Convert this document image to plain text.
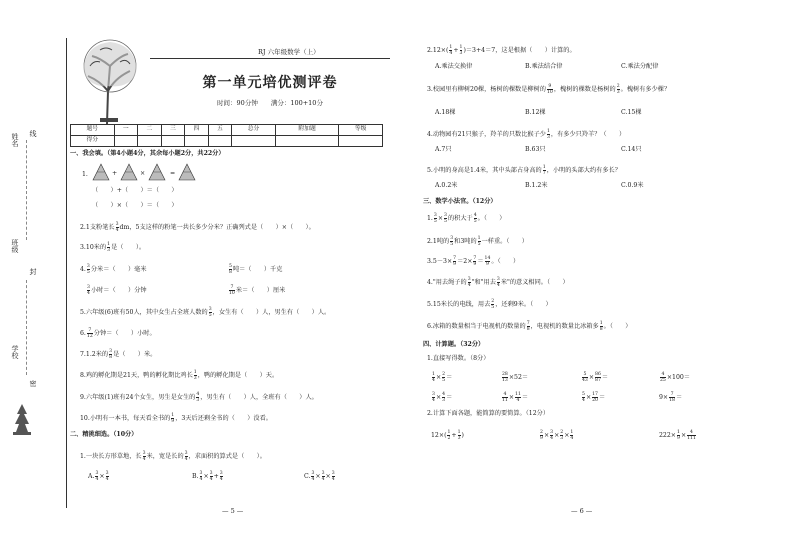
姓名 线
班级
封
学校
密
RJ 六年级数学（上）
第一单元培优测评卷
时间：90分钟　　满分：100+10分
题号	一	二	三	四	五	总分	附加题	等级
得分								
一、我会填。（第4小题4分，其余每小题2分，共22分）
1.	+	×	=
（　　）+（　　）＝（　　）
（　　）×（　　）＝（　　）
2.1支粉笔长 $\frac{3}{4}$ dm，5支这样的粉笔一共长多少分米？正确列式是（　　）×（　　）。
3.10米的 $\frac{1}{3}$ 是（　　）。
4. $\frac{3}{5}$ 分米＝（　　）毫米	$\frac{5}{8}$ 吨＝（　　）千克
$\frac{3}{4}$ 小时＝（　　）分钟	$\frac{7}{10}$ 米＝（　　）厘米
5.六年级(6)班有50人，其中女生占全班人数的 $\frac{3}{5}$ ，女生有（　　）人，男生有（　　）人。
6. $\frac{7}{12}$ 分钟＝（　　）小时。
7.1.2米的 $\frac{3}{8}$ 是（　　）米。
8.鸡的孵化期是21天，鸭的孵化期比鸡长 $\frac{1}{3}$ ，鸭的孵化期是（　　）天。
9.六年级(1)班有24个女生，男生是女生的 $\frac{4}{3}$ ，男生有（　　）人，全班有（　　）人。
10.小明有一本书，每天看全书的 $\frac{1}{9}$ ，3天后还剩全书的（　　）没看。
二、精挑细选。（10分）
1.一块长方形草地，长 $\frac{3}{4}$ 米，宽是长的 $\frac{3}{4}$ ，求面积的算式是（　　）。
A. $\frac{3}{4} \times \frac{3}{4}$	B. $\frac{3}{4} \times \frac{3}{4} + \frac{3}{4}$	C. $\frac{3}{4} \times \frac{3}{4} \times \frac{3}{4}$
— 5 —
$2.12\times( \frac{1}{4} + \frac{1}{3} )=3+4=7$，这是根据（　　）计算的。
A.乘法交换律	B.乘法结合律	C.乘法分配律
3.校园里有柳树20棵，杨树的棵数是柳树的 $\frac{9}{10}$ ，槐树的棵数是杨树的 $\frac{2}{3}$ 。槐树有多少棵？
A.18棵	B.12棵	C.15棵
4.动物园有21只猴子，羚羊的只数比猴子少 $\frac{1}{3}$ ，有多少只羚羊？（　　）
A.7只	B.63只	C.14只
5.小明的身高是1.4米，其中头部占身高的 $\frac{1}{7}$ ，小明的头部大约有多长？
A.0.2米	B.1.2米	C.0.9米
三、数学小法官。（12分）
1. $\frac{3}{5} \times \frac{3}{5}$ 的积大于 $\frac{4}{5}$ 。（　　）
2.1吨的 $\frac{3}{5}$ 和3吨的 $\frac{1}{5}$ 一样重。（　　）
$3.5-3\times \frac{7}{9} =2\times \frac{7}{9} = \frac{14}{9}$ 。（　　）
4."用去绳子的 $\frac{3}{4}$ "和"用去 $\frac{3}{4}$ 米"的意义相同。（　　）
5.15米长的电线，用去 $\frac{2}{5}$ ，还剩9米。（　　）
6.冰箱的数量相当于电视机的数量的 $\frac{7}{8}$ ，电视机的数量比冰箱多 $\frac{1}{8}$ 。（　　）
四、计算题。（32分）
1.直接写得数。（8分）
$\frac{1}{4} \times \frac{2}{5}$ ＝	$\frac{28}{13} \times 52=$	$\frac{5}{43} \times \frac{86}{87}$ ＝	$\frac{4}{25} \times 100=$
$\frac{3}{4} \times \frac{4}{3}$ ＝	$\frac{4}{11} \times \frac{11}{4}$ ＝	$\frac{5}{4} \times \frac{17}{20}$ ＝	$9\times \frac{7}{18}$ ＝
2.计算下面各题，能简算的要简算。（12分）
$12\times( \frac{1}{2} + \frac{1}{3}$ )	$\frac{2}{9} \times \frac{3}{4} \times \frac{2}{3} \times \frac{1}{4}$	$222\times \frac{1}{9} \times \frac{4}{111}$
— 6 —
